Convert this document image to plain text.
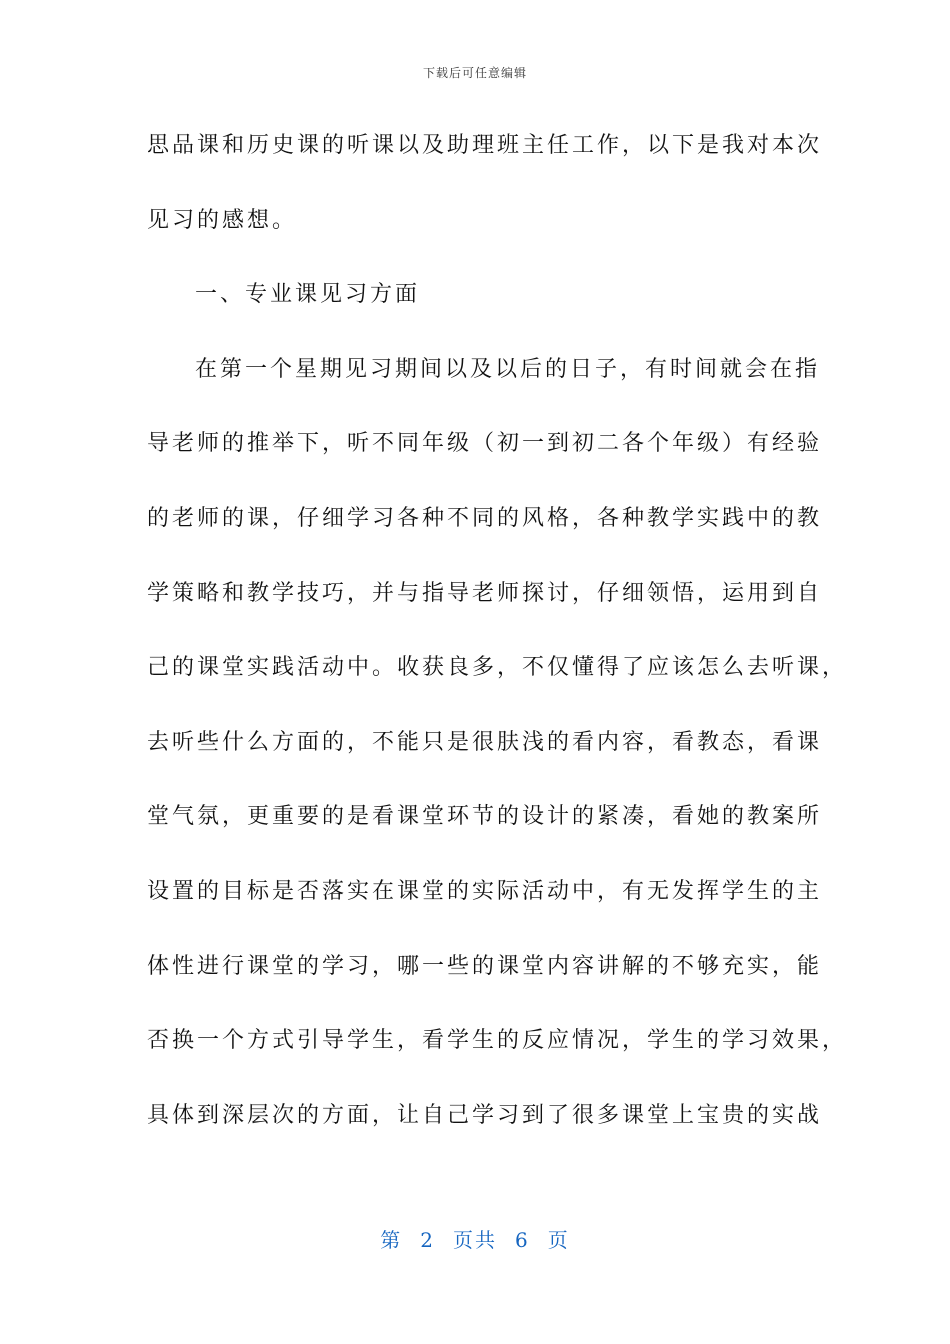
下载后可任意编辑
思品课和历史课的听课以及助理班主任工作，以下是我对本次
见习的感想。
一、专业课见习方面
在第一个星期见习期间以及以后的日子，有时间就会在指
导老师的推举下，听不同年级（初一到初二各个年级）有经验
的老师的课，仔细学习各种不同的风格，各种教学实践中的教
学策略和教学技巧，并与指导老师探讨，仔细领悟，运用到自
己的课堂实践活动中。收获良多，不仅懂得了应该怎么去听课，
去听些什么方面的，不能只是很肤浅的看内容，看教态，看课
堂气氛，更重要的是看课堂环节的设计的紧凑，看她的教案所
设置的目标是否落实在课堂的实际活动中，有无发挥学生的主
体性进行课堂的学习，哪一些的课堂内容讲解的不够充实，能
否换一个方式引导学生，看学生的反应情况，学生的学习效果，
具体到深层次的方面，让自己学习到了很多课堂上宝贵的实战
第 2 页共 6 页
